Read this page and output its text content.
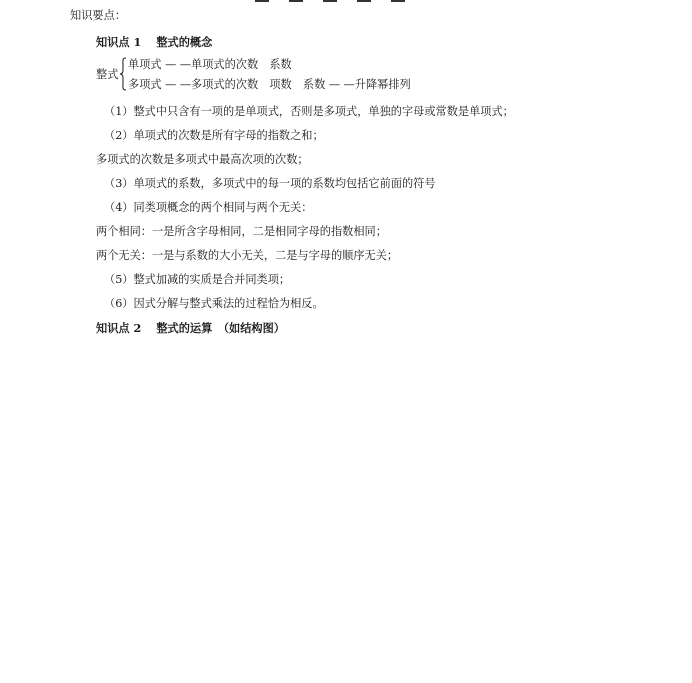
知识要点：
知识点 1　 整式的概念
整式
单项式 — —单项式的次数　系数
多项式 — —多项式的次数　项数　系数 — —升降幂排列
（1）整式中只含有一项的是单项式，否则是多项式，单独的字母或常数是单项式；
（2）单项式的次数是所有字母的指数之和；
多项式的次数是多项式中最高次项的次数；
（3）单项式的系数，多项式中的每一项的系数均包括它前面的符号
（4）同类项概念的两个相同与两个无关：
两个相同：一是所含字母相同，二是相同字母的指数相同；
两个无关：一是与系数的大小无关，二是与字母的顺序无关；
（5）整式加减的实质是合并同类项；
（6）因式分解与整式乘法的过程恰为相反。
知识点 2　 整式的运算　（如结构图）
